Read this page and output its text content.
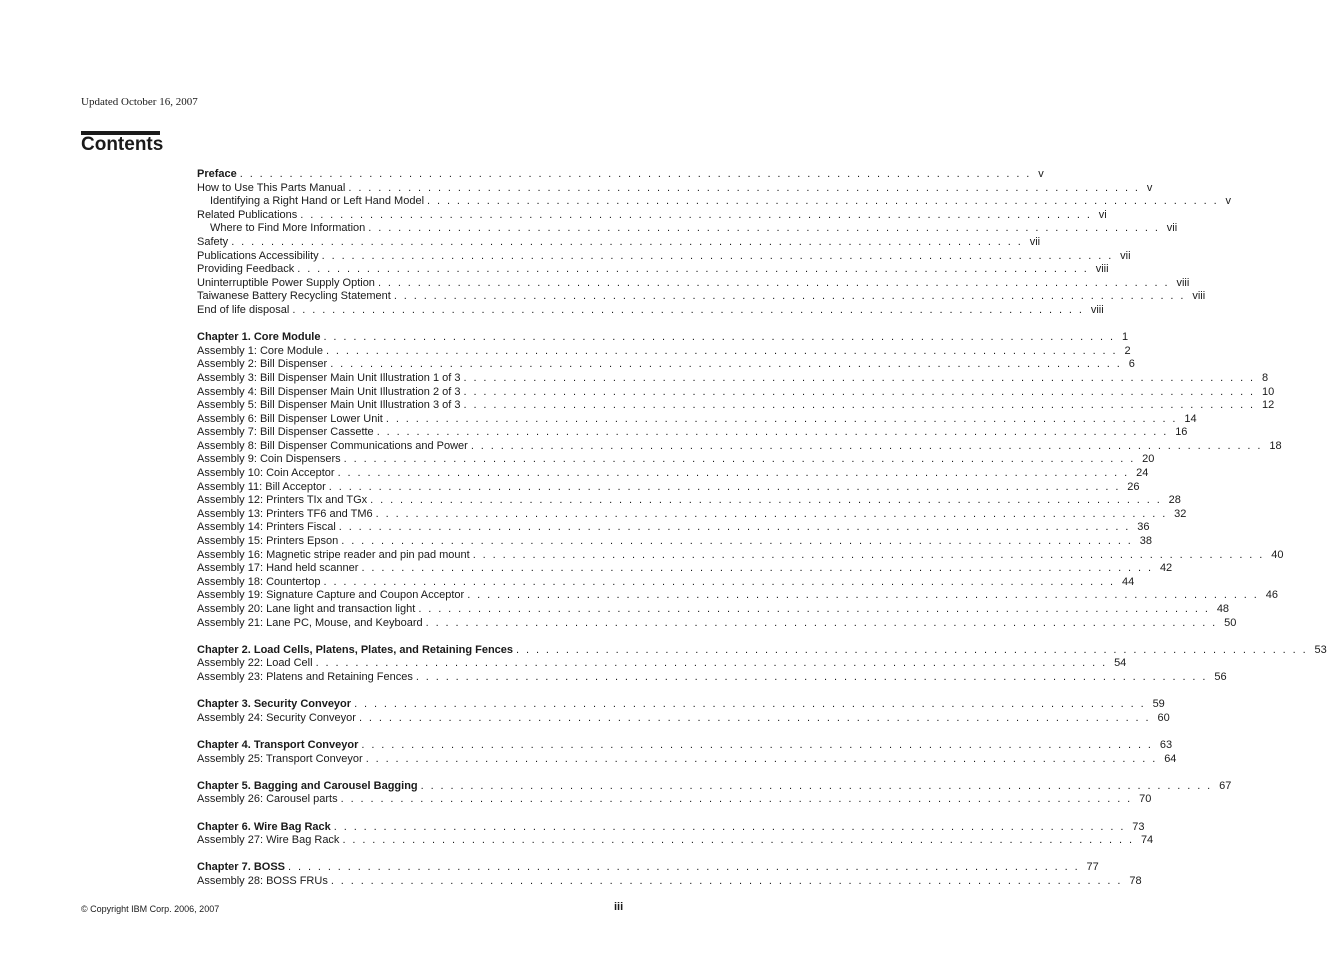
Updated October 16, 2007
Contents
Preface ................................................................................ v
How to Use This Parts Manual ................................................................................ v
Identifying a Right Hand or Left Hand Model ................................................................................ v
Related Publications ................................................................................ vi
Where to Find More Information ................................................................................ vii
Safety ................................................................................ vii
Publications Accessibility ................................................................................ vii
Providing Feedback ................................................................................ viii
Uninterruptible Power Supply Option ................................................................................ viii
Taiwanese Battery Recycling Statement ................................................................................ viii
End of life disposal ................................................................................ viii
Chapter 1. Core Module ................................................................................ 1
Assembly 1: Core Module ................................................................................ 2
Assembly 2: Bill Dispenser ................................................................................ 6
Assembly 3: Bill Dispenser Main Unit Illustration 1 of 3 ................................................................................ 8
Assembly 4: Bill Dispenser Main Unit Illustration 2 of 3 ................................................................................ 10
Assembly 5: Bill Dispenser Main Unit Illustration 3 of 3 ................................................................................ 12
Assembly 6: Bill Dispenser Lower Unit ................................................................................ 14
Assembly 7: Bill Dispenser Cassette ................................................................................ 16
Assembly 8: Bill Dispenser Communications and Power ................................................................................ 18
Assembly 9: Coin Dispensers ................................................................................ 20
Assembly 10: Coin Acceptor ................................................................................ 24
Assembly 11: Bill Acceptor ................................................................................ 26
Assembly 12: Printers TIx and TGx ................................................................................ 28
Assembly 13: Printers TF6 and TM6 ................................................................................ 32
Assembly 14: Printers Fiscal ................................................................................ 36
Assembly 15: Printers Epson ................................................................................ 38
Assembly 16: Magnetic stripe reader and pin pad mount ................................................................................ 40
Assembly 17: Hand held scanner ................................................................................ 42
Assembly 18: Countertop ................................................................................ 44
Assembly 19: Signature Capture and Coupon Acceptor ................................................................................ 46
Assembly 20: Lane light and transaction light ................................................................................ 48
Assembly 21: Lane PC, Mouse, and Keyboard ................................................................................ 50
Chapter 2. Load Cells, Platens, Plates, and Retaining Fences ................................................................................ 53
Assembly 22: Load Cell ................................................................................ 54
Assembly 23: Platens and Retaining Fences ................................................................................ 56
Chapter 3. Security Conveyor ................................................................................ 59
Assembly 24: Security Conveyor ................................................................................ 60
Chapter 4. Transport Conveyor ................................................................................ 63
Assembly 25: Transport Conveyor ................................................................................ 64
Chapter 5. Bagging and Carousel Bagging ................................................................................ 67
Assembly 26: Carousel parts ................................................................................ 70
Chapter 6. Wire Bag Rack ................................................................................ 73
Assembly 27: Wire Bag Rack ................................................................................ 74
Chapter 7. BOSS ................................................................................ 77
Assembly 28: BOSS FRUs ................................................................................ 78
© Copyright IBM Corp. 2006, 2007	iii
